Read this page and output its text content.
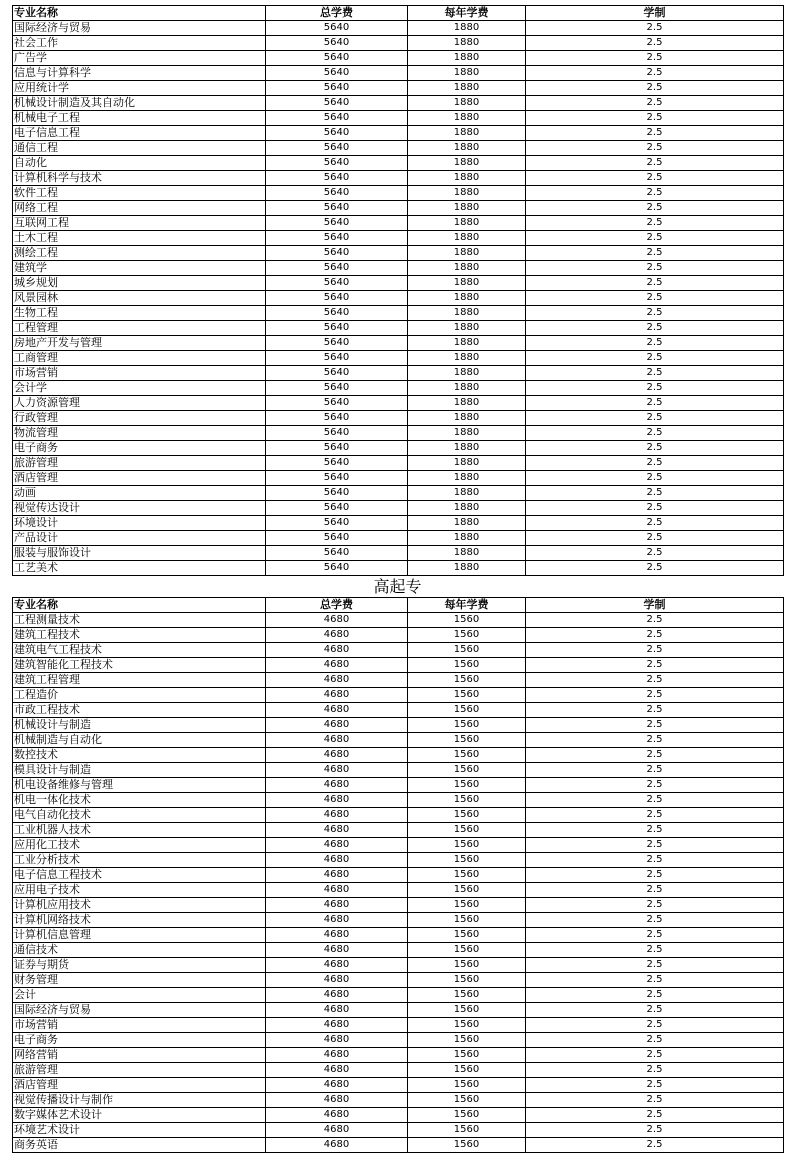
专业名称	总学费	每年学费	学制
国际经济与贸易	5640	1880	2.5
社会工作	5640	1880	2.5
广告学	5640	1880	2.5
信息与计算科学	5640	1880	2.5
应用统计学	5640	1880	2.5
机械设计制造及其自动化	5640	1880	2.5
机械电子工程	5640	1880	2.5
电子信息工程	5640	1880	2.5
通信工程	5640	1880	2.5
自动化	5640	1880	2.5
计算机科学与技术	5640	1880	2.5
软件工程	5640	1880	2.5
网络工程	5640	1880	2.5
互联网工程	5640	1880	2.5
土木工程	5640	1880	2.5
测绘工程	5640	1880	2.5
建筑学	5640	1880	2.5
城乡规划	5640	1880	2.5
风景园林	5640	1880	2.5
生物工程	5640	1880	2.5
工程管理	5640	1880	2.5
房地产开发与管理	5640	1880	2.5
工商管理	5640	1880	2.5
市场营销	5640	1880	2.5
会计学	5640	1880	2.5
人力资源管理	5640	1880	2.5
行政管理	5640	1880	2.5
物流管理	5640	1880	2.5
电子商务	5640	1880	2.5
旅游管理	5640	1880	2.5
酒店管理	5640	1880	2.5
动画	5640	1880	2.5
视觉传达设计	5640	1880	2.5
环境设计	5640	1880	2.5
产品设计	5640	1880	2.5
服装与服饰设计	5640	1880	2.5
工艺美术	5640	1880	2.5
高起专
专业名称	总学费	每年学费	学制
工程测量技术	4680	1560	2.5
建筑工程技术	4680	1560	2.5
建筑电气工程技术	4680	1560	2.5
建筑智能化工程技术	4680	1560	2.5
建筑工程管理	4680	1560	2.5
工程造价	4680	1560	2.5
市政工程技术	4680	1560	2.5
机械设计与制造	4680	1560	2.5
机械制造与自动化	4680	1560	2.5
数控技术	4680	1560	2.5
模具设计与制造	4680	1560	2.5
机电设备维修与管理	4680	1560	2.5
机电一体化技术	4680	1560	2.5
电气自动化技术	4680	1560	2.5
工业机器人技术	4680	1560	2.5
应用化工技术	4680	1560	2.5
工业分析技术	4680	1560	2.5
电子信息工程技术	4680	1560	2.5
应用电子技术	4680	1560	2.5
计算机应用技术	4680	1560	2.5
计算机网络技术	4680	1560	2.5
计算机信息管理	4680	1560	2.5
通信技术	4680	1560	2.5
证券与期货	4680	1560	2.5
财务管理	4680	1560	2.5
会计	4680	1560	2.5
国际经济与贸易	4680	1560	2.5
市场营销	4680	1560	2.5
电子商务	4680	1560	2.5
网络营销	4680	1560	2.5
旅游管理	4680	1560	2.5
酒店管理	4680	1560	2.5
视觉传播设计与制作	4680	1560	2.5
数字媒体艺术设计	4680	1560	2.5
环境艺术设计	4680	1560	2.5
商务英语	4680	1560	2.5
